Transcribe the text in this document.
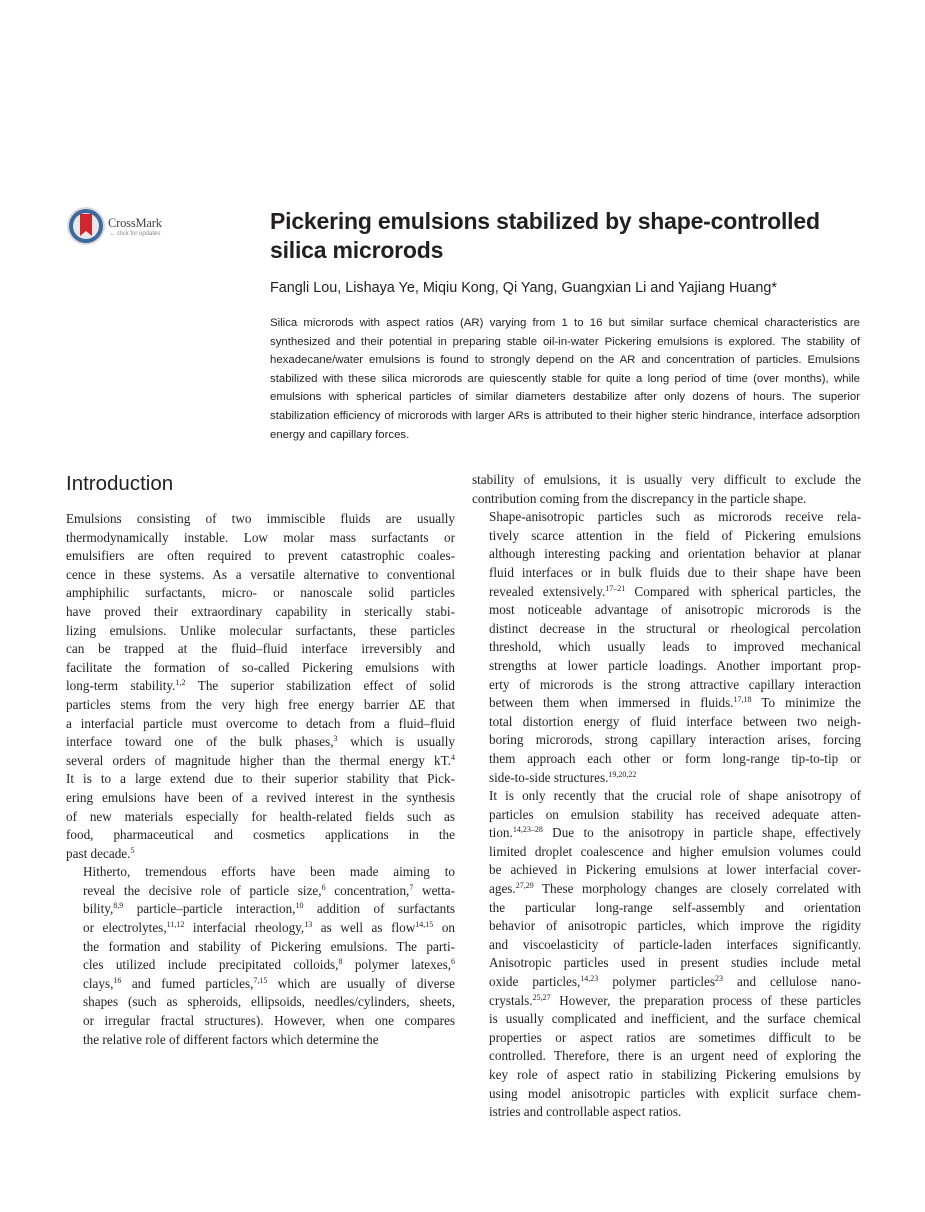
CrossMark
←click for updates	Pickering emulsions stabilized by shape-controlled
silica microrods
Fangli Lou, Lishaya Ye, Miqiu Kong, Qi Yang, Guangxian Li and Yajiang Huang*
Silica microrods with aspect ratios (AR) varying from 1 to 16 but similar surface chemical characteristics are synthesized and their potential in preparing stable oil-in-water Pickering emulsions is explored. The stability of hexadecane/water emulsions is found to strongly depend on the AR and concentration of particles. Emulsions stabilized with these silica microrods are quiescently stable for quite a long period of time (over months), while emulsions with spherical particles of similar diameters destabilize after only dozens of hours. The superior stabilization efficiency of microrods with larger ARs is attributed to their higher steric hindrance, interface adsorption energy and capillary forces.
Introduction

Emulsions consisting of two immiscible fluids are usually
thermodynamically instable. Low molar mass surfactants or
emulsifiers are often required to prevent catastrophic coales-
cence in these systems. As a versatile alternative to conventional
amphiphilic surfactants, micro- or nanoscale solid particles
have proved their extraordinary capability in sterically stabi-
lizing emulsions. Unlike molecular surfactants, these particles
can be trapped at the fluid–fluid interface irreversibly and
facilitate the formation of so-called Pickering emulsions with
long-term stability.$^{1,2}$ The superior stabilization effect of solid
particles stems from the very high free energy barrier ΔE that
a interfacial particle must overcome to detach from a fluid–fluid
interface toward one of the bulk phases,$^3$ which is usually
several orders of magnitude higher than the thermal energy kT.$^4$
It is to a large extend due to their superior stability that Pick-
ering emulsions have been of a revived interest in the synthesis
of new materials especially for health-related fields such as
food, pharmaceutical and cosmetics applications in the
past decade.$^5$

Hitherto, tremendous efforts have been made aiming to
reveal the decisive role of particle size,$^6$ concentration,$^7$ wetta-
bility,$^{8,9}$ particle–particle interaction,$^{10}$ addition of surfactants
or electrolytes,$^{11,12}$ interfacial rheology,$^{13}$ as well as flow$^{14,15}$ on
the formation and stability of Pickering emulsions. The parti-
cles utilized include precipitated colloids,$^8$ polymer latexes,$^6$
clays,$^{16}$ and fumed particles,$^{7,15}$ which are usually of diverse
shapes (such as spheroids, ellipsoids, needles/cylinders, sheets,
or irregular fractal structures). However, when one compares
the relative role of different factors which determine the

stability of emulsions, it is usually very difficult to exclude the
contribution coming from the discrepancy in the particle shape.

Shape-anisotropic particles such as microrods receive rela-
tively scarce attention in the field of Pickering emulsions
although interesting packing and orientation behavior at planar
fluid interfaces or in bulk fluids due to their shape have been
revealed extensively.$^{17-21}$ Compared with spherical particles, the
most noticeable advantage of anisotropic microrods is the
distinct decrease in the structural or rheological percolation
threshold, which usually leads to improved mechanical
strengths at lower particle loadings. Another important prop-
erty of microrods is the strong attractive capillary interaction
between them when immersed in fluids.$^{17,18}$ To minimize the
total distortion energy of fluid interface between two neigh-
boring microrods, strong capillary interaction arises, forcing
them approach each other or form long-range tip-to-tip or
side-to-side structures.$^{19,20,22}$

It is only recently that the crucial role of shape anisotropy of
particles on emulsion stability has received adequate atten-
tion.$^{14,23-28}$ Due to the anisotropy in particle shape, effectively
limited droplet coalescence and higher emulsion volumes could
be achieved in Pickering emulsions at lower interfacial cover-
ages.$^{27,29}$ These morphology changes are closely correlated with
the particular long-range self-assembly and orientation
behavior of anisotropic particles, which improve the rigidity
and viscoelasticity of particle-laden interfaces significantly.
Anisotropic particles used in present studies include metal
oxide particles,$^{14,23}$ polymer particles$^{23}$ and cellulose nano-
crystals.$^{25,27}$ However, the preparation process of these particles
is usually complicated and inefficient, and the surface chemical
properties or aspect ratios are sometimes difficult to be
controlled. Therefore, there is an urgent need of exploring the
key role of aspect ratio in stabilizing Pickering emulsions by
using model anisotropic particles with explicit surface chem-
istries and controllable aspect ratios.
